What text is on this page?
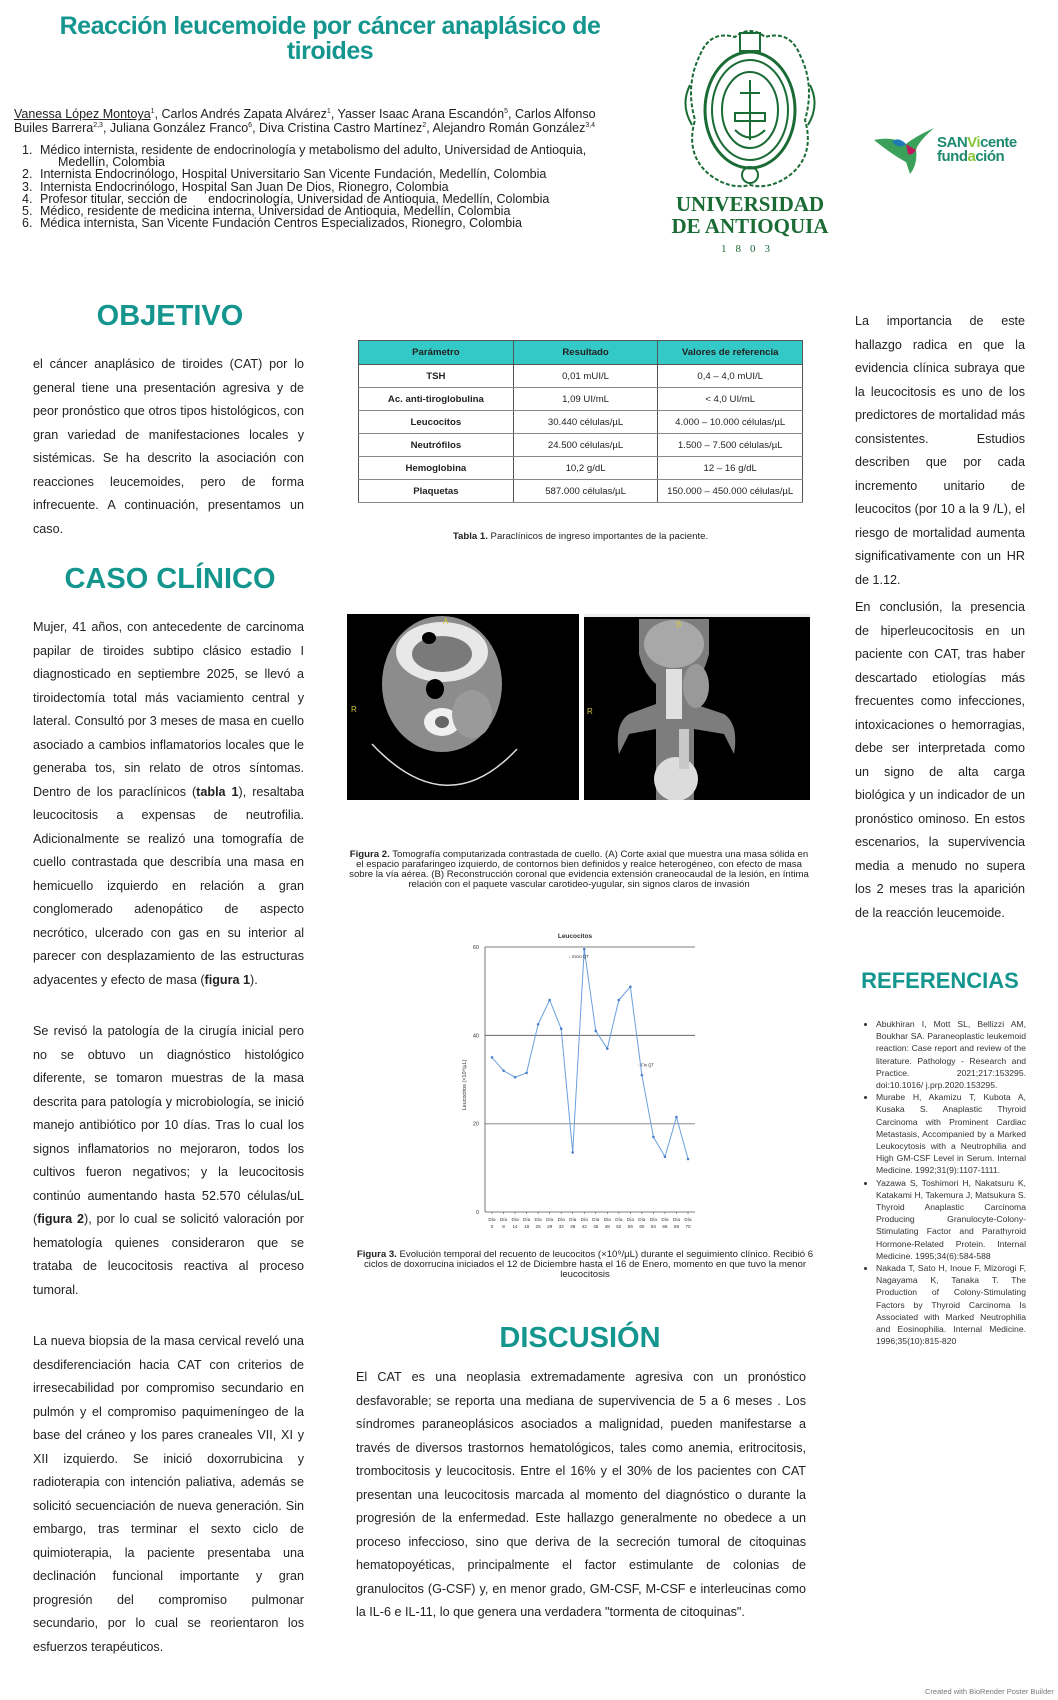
Reacción leucemoide por cáncer anaplásico de tiroides
Vanessa López Montoya$^1$, Carlos Andrés Zapata Alvárez$^1$, Yasser Isaac Arana Escandón$^5$, Carlos Alfonso Builes Barrera$^{2,3}$, Juliana González Franco$^6$, Diva Cristina Castro Martínez$^2$, Alejandro Román González$^{3,4}$
1. Médico internista, residente de endocrinología y metabolismo del adulto, Universidad de Antioquia,
Medellín, Colombia
2. Internista Endocrinólogo, Hospital Universitario San Vicente Fundación, Medellín, Colombia
3. Internista Endocrinólogo, Hospital San Juan De Dios, Rionegro, Colombia
4. Profesor titular, sección de      endocrinología, Universidad de Antioquia, Medellín, Colombia
5. Médico, residente de medicina interna, Universidad de Antioquia, Medellín, Colombia
6. Médica internista, San Vicente Fundación Centros Especializados, Rionegro, Colombia
UNIVERSIDAD
DE ANTIOQUIA
1803
SANVicente
fundación
OBJETIVO
el cáncer anaplásico de tiroides (CAT) por lo general tiene una presentación agresiva y de peor pronóstico que otros tipos histológicos, con gran variedad de manifestaciones locales y sistémicas. Se ha descrito la asociación con reacciones leucemoides, pero de forma infrecuente. A continuación, presentamos un caso.
CASO CLÍNICO
Mujer, 41 años, con antecedente de carcinoma papilar de tiroides subtipo clásico estadio I diagnosticado en septiembre 2025, se llevó a tiroidectomía total más vaciamiento central y lateral. Consultó por 3 meses de masa en cuello asociado a cambios inflamatorios locales que le generaba tos, sin relato de otros síntomas. Dentro de los paraclínicos (tabla 1), resaltaba leucocitosis a expensas de neutrofilia. Adicionalmente se realizó una tomografía de cuello contrastada que describía una masa en hemicuello izquierdo en relación a gran conglomerado adenopático de aspecto necrótico, ulcerado con gas en su interior al parecer con desplazamiento de las estructuras adyacentes y efecto de masa (figura 1).
Se revisó la patología de la cirugía inicial pero no se obtuvo un diagnóstico histológico diferente, se tomaron muestras de la masa descrita para patología y microbiología, se inició manejo antibiótico por 10 días. Tras lo cual los signos inflamatorios no mejoraron, todos los cultivos fueron negativos; y la leucocitosis continúo aumentando hasta 52.570 células/uL (figura 2), por lo cual se solicitó valoración por hematología quienes consideraron que se trataba de leucocitosis reactiva al proceso tumoral.
La nueva biopsia de la masa cervical reveló una desdiferenciación hacia CAT con criterios de irresecabilidad por compromiso secundario en pulmón y el compromiso paquimeníngeo de la base del cráneo y los pares craneales VII, XI y XII izquierdo. Se inició doxorrubicina y radioterapia con intención paliativa, además se solicitó secuenciación de nueva generación. Sin embargo, tras terminar el sexto ciclo de quimioterapia, la paciente presentaba una declinación funcional importante y gran progresión del compromiso pulmonar secundario, por lo cual se reorientaron los esfuerzos terapéuticos.
Parámetro	Resultado	Valores de referencia
TSH	0,01 mUI/L	0,4 – 4,0 mUI/L
Ac. anti-tiroglobulina	1,09 UI/mL	< 4,0 UI/mL
Leucocitos	30.440 células/µL	4.000 – 10.000 células/µL
Neutrófilos	24.500 células/µL	1.500 – 7.500 células/µL
Hemoglobina	10,2 g/dL	12 – 16 g/dL
Plaquetas	587.000 células/µL	150.000 – 450.000 células/µL
Tabla 1. Paraclínicos de ingreso importantes de la paciente.
A
R
B
R
Figura 2. Tomografía computarizada contrastada de cuello. (A) Corte axial que muestra una masa sólida en el espacio parafaringeo izquierdo, de contornos bien definidos y realce heterogéneo, con efecto de masa sobre la vía aérea. (B) Reconstrucción coronal que evidencia extensión craneocaudal de la lesión, en íntima relación con el paquete vascular carotideo-yugular, sin signos claros de invasión
Leucocitos
Leucocitos (×10⁹/µL)
0
20
40
60
Día
0
Día
8
Día
14
Día
18
Día
25
Día
29
Día
33
Día
38
Día
42
Día
45
Día
48
Día
52
Día
56
Día
60
Día
64
Día
66
Día
68
Día
70
↓ Inicio QT
↓ Fin QT
Figura 3. Evolución temporal del recuento de leucocitos (×10⁹/µL) durante el seguimiento clínico. Recibió 6 ciclos de doxorrucina iniciados el 12 de Diciembre hasta el 16 de Enero, momento en que tuvo la menor leucocitosis
DISCUSIÓN
El CAT es una neoplasia extremadamente agresiva con un pronóstico desfavorable; se reporta una mediana de supervivencia de 5 a 6 meses . Los síndromes paraneoplásicos asociados a malignidad, pueden manifestarse a través de diversos trastornos hematológicos, tales como anemia, eritrocitosis, trombocitosis y leucocitosis. Entre el 16% y el 30% de los pacientes con CAT presentan una leucocitosis marcada al momento del diagnóstico o durante la progresión de la enfermedad. Este hallazgo generalmente no obedece a un proceso infeccioso, sino que deriva de la secreción tumoral de citoquinas hematopoyéticas, principalmente el factor estimulante de colonias de granulocitos (G-CSF) y, en menor grado, GM-CSF, M-CSF e interleucinas como la IL-6 e IL-11, lo que genera una verdadera "tormenta de citoquinas".
La importancia de este hallazgo radica en que la evidencia clínica subraya que la leucocitosis es uno de los predictores de mortalidad más consistentes. Estudios describen que por cada incremento unitario de leucocitos (por 10 a la 9 /L), el riesgo de mortalidad aumenta significativamente con un HR de 1.12.
En conclusión, la presencia de hiperleucocitosis en un paciente con CAT, tras haber descartado etiologías más frecuentes como infecciones, intoxicaciones o hemorragias, debe ser interpretada como un signo de alta carga biológica y un indicador de un pronóstico ominoso. En estos escenarios, la supervivencia media a menudo no supera los 2 meses tras la aparición de la reacción leucemoide.
REFERENCIAS
• Abukhiran I, Mott SL, Bellizzi AM, Boukhar SA. Paraneoplastic leukemoid reaction: Case report and review of the literature. Pathology - Research and Practice. 2021;217:153295. doi:10.1016/ j.prp.2020.153295.
• Murabe H, Akamizu T, Kubota A, Kusaka S. Anaplastic Thyroid Carcinoma with Prominent Cardiac Metastasis, Accompanied by a Marked Leukocytosis with a Neutrophilia and High GM-CSF Level in Serum. Internal Medicine. 1992;31(9):1107-1111.
• Yazawa S, Toshimori H, Nakatsuru K, Katakami H, Takemura J, Matsukura S. Thyroid Anaplastic Carcinoma Producing Granulocyte-Colony-Stimulating Factor and Parathyroid Hormone-Related Protein. Internal Medicine. 1995;34(6):584-588
• Nakada T, Sato H, Inoue F, Mizorogi F, Nagayama K, Tanaka T. The Production of Colony-Stimulating Factors by Thyroid Carcinoma Is Associated with Marked Neutrophilia and Eosinophilia. Internal Medicine. 1996;35(10):815-820
Created with BioRender Poster Builder
